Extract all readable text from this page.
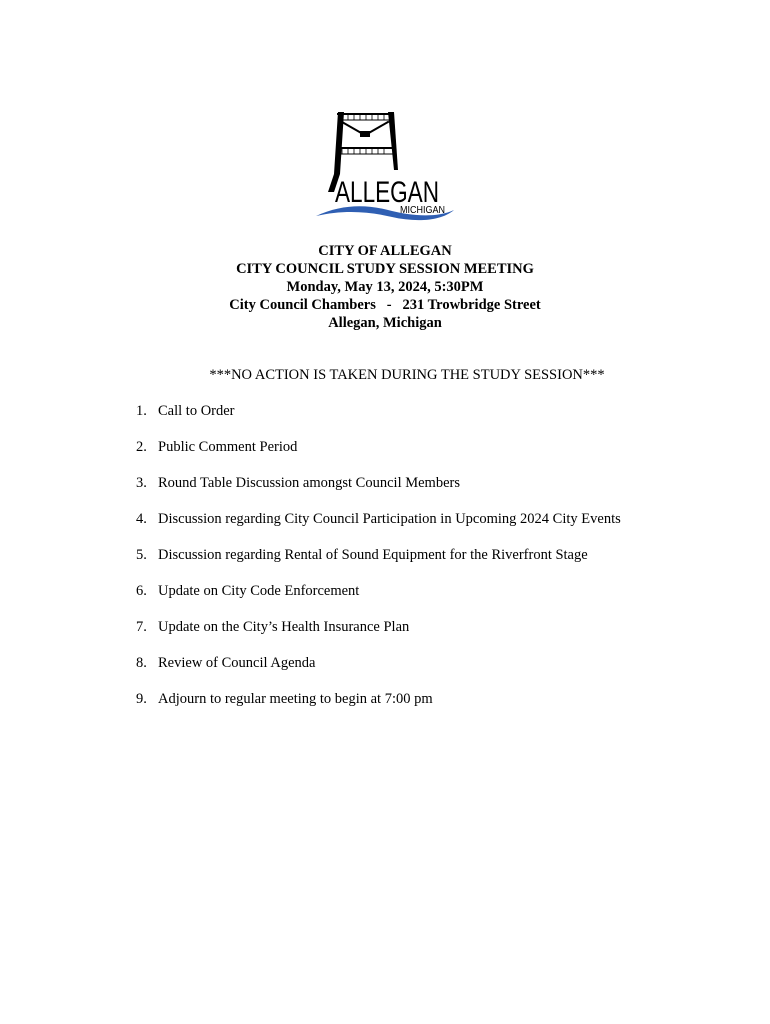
ALLEGAN
MICHIGAN
CITY OF ALLEGAN
CITY COUNCIL STUDY SESSION MEETING
Monday, May 13, 2024, 5:30PM
City Council Chambers   -   231 Trowbridge Street
Allegan, Michigan
***NO ACTION IS TAKEN DURING THE STUDY SESSION***
1. Call to Order
2. Public Comment Period
3. Round Table Discussion amongst Council Members
4. Discussion regarding City Council Participation in Upcoming 2024 City Events
5. Discussion regarding Rental of Sound Equipment for the Riverfront Stage
6. Update on City Code Enforcement
7. Update on the City’s Health Insurance Plan
8. Review of Council Agenda
9. Adjourn to regular meeting to begin at 7:00 pm
